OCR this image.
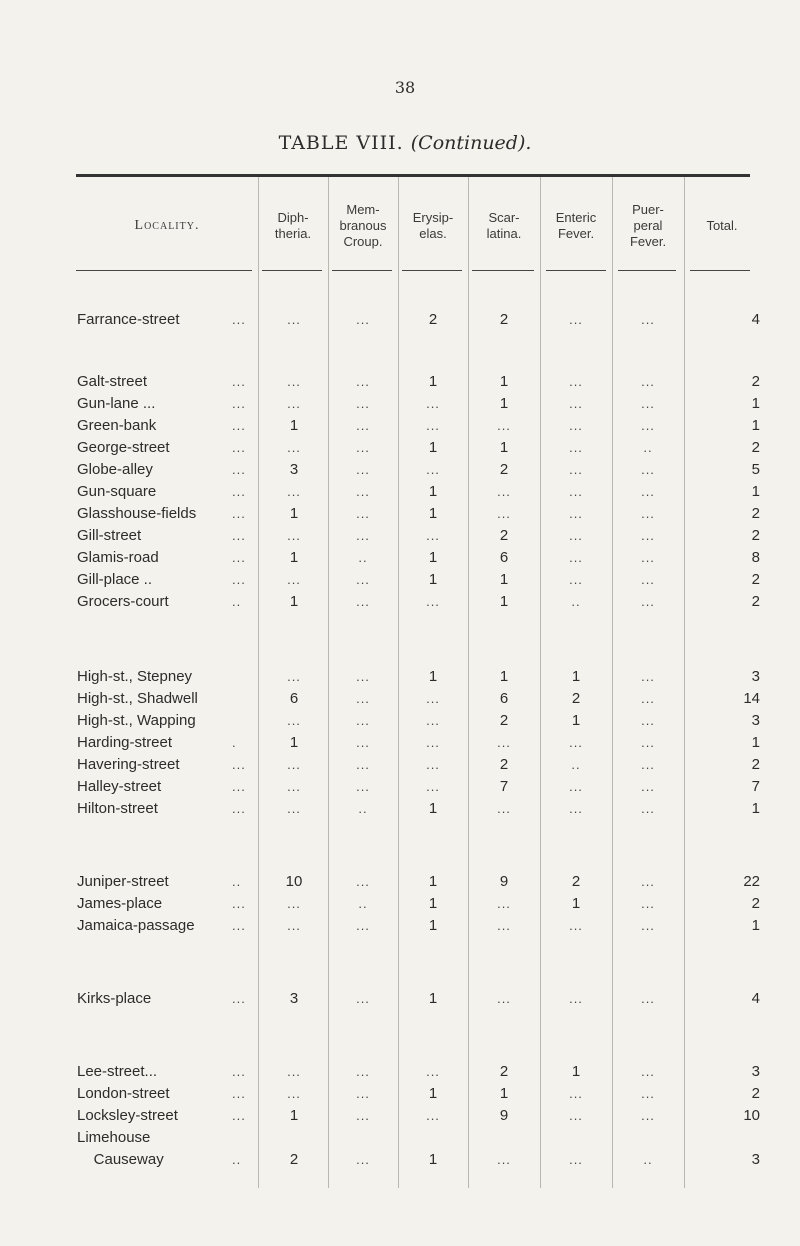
38
TABLE VIII. (Continued).
Locality.
Diph-
theria.
Mem-
branous
Croup.
Erysip-
elas.
Scar-
latina.
Enteric
Fever.
Puer-
peral
Fever.
Total.
Farrance-street	...	...	...	2	2	...	...	4
Galt-street	...	...	...	1	1	...	...	2
Gun-lane ...	...	...	...	...	1	...	...	1
Green-bank	...	1	...	...	...	...	...	1
George-street	...	...	...	1	1	...	..	2
Globe-alley	...	3	...	...	2	...	...	5
Gun-square	...	...	...	1	...	...	...	1
Glasshouse-fields	...	1	...	1	...	...	...	2
Gill-street	...	...	...	...	2	...	...	2
Glamis-road	...	1	..	1	6	...	...	8
Gill-place ..	...	...	...	1	1	...	...	2
Grocers-court	..	1	...	...	1	..	...	2
High-st., Stepney	...	...	1	1	1	...	3
High-st., Shadwell	6	...	...	6	2	...	14
High-st., Wapping	...	...	...	2	1	...	3
Harding-street	.	1	...	...	...	...	...	1
Havering-street	...	...	...	...	2	..	...	2
Halley-street	...	...	...	...	7	...	...	7
Hilton-street	...	...	..	1	...	...	...	1
Juniper-street	..	10	...	1	9	2	...	22
James-place	...	...	..	1	...	1	...	2
Jamaica-passage	...	...	...	1	...	...	...	1
Kirks-place	...	3	...	1	...	...	...	4
Lee-street...	...	...	...	...	2	1	...	3
London-street	...	...	...	1	1	...	...	2
Locksley-street	...	1	...	...	9	...	...	10
Limehouse
Causeway	..	2	...	1	...	...	..	3
